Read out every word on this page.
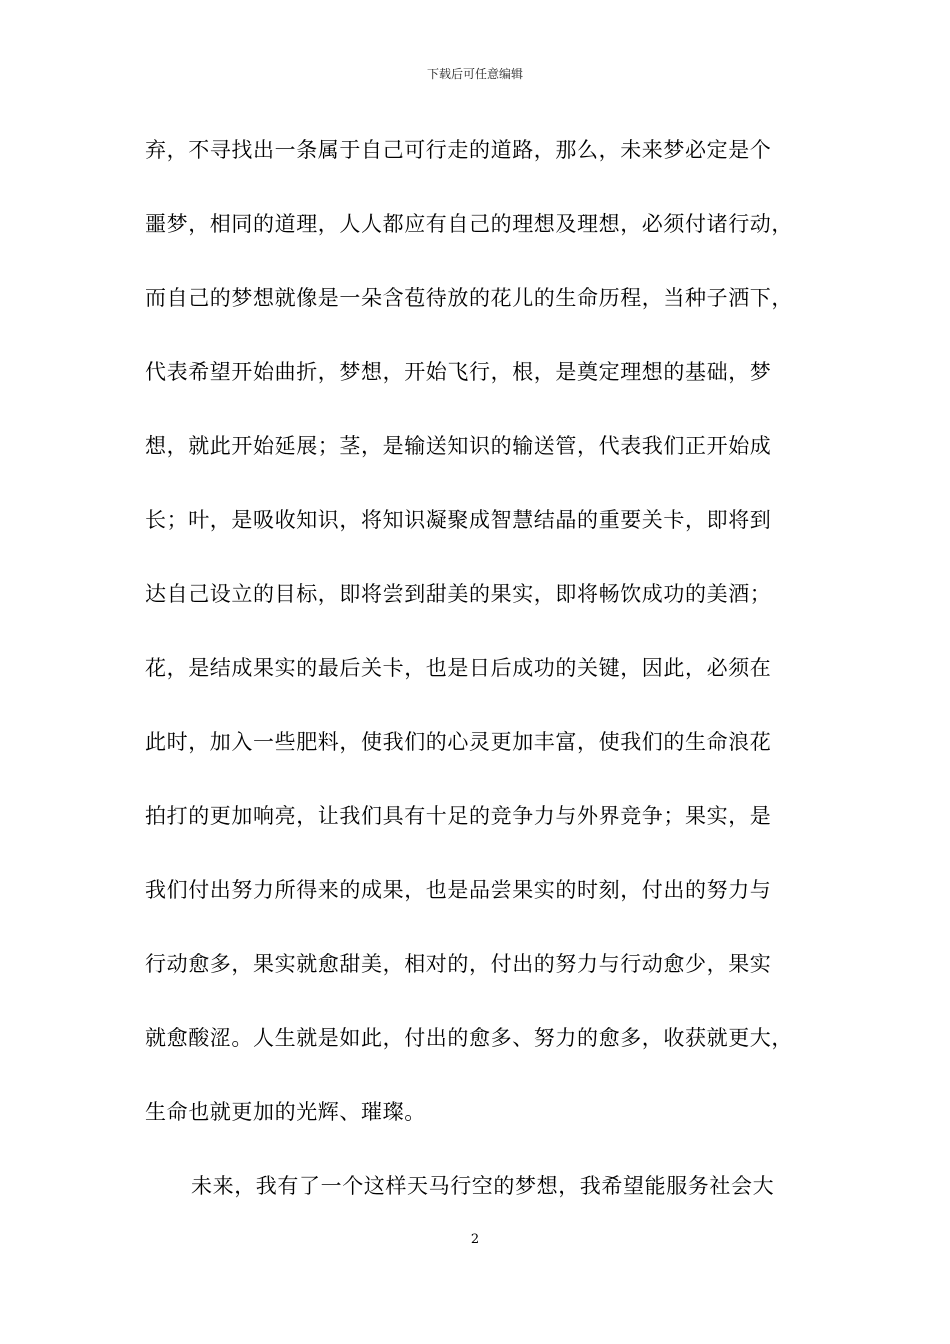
下载后可任意编辑
弃，不寻找出一条属于自己可行走的道路，那么，未来梦必定是个
噩梦，相同的道理，人人都应有自己的理想及理想，必须付诸行动，
而自己的梦想就像是一朵含苞待放的花儿的生命历程，当种子洒下，
代表希望开始曲折，梦想，开始飞行，根，是奠定理想的基础，梦
想，就此开始延展；茎，是输送知识的输送管，代表我们正开始成
长；叶，是吸收知识，将知识凝聚成智慧结晶的重要关卡，即将到
达自己设立的目标，即将尝到甜美的果实，即将畅饮成功的美酒；
花，是结成果实的最后关卡，也是日后成功的关键，因此，必须在
此时，加入一些肥料，使我们的心灵更加丰富，使我们的生命浪花
拍打的更加响亮，让我们具有十足的竞争力与外界竞争；果实，是
我们付出努力所得来的成果，也是品尝果实的时刻，付出的努力与
行动愈多，果实就愈甜美，相对的，付出的努力与行动愈少，果实
就愈酸涩。人生就是如此，付出的愈多、努力的愈多，收获就更大，
生命也就更加的光辉、璀璨。
未来，我有了一个这样天马行空的梦想，我希望能服务社会大
2
